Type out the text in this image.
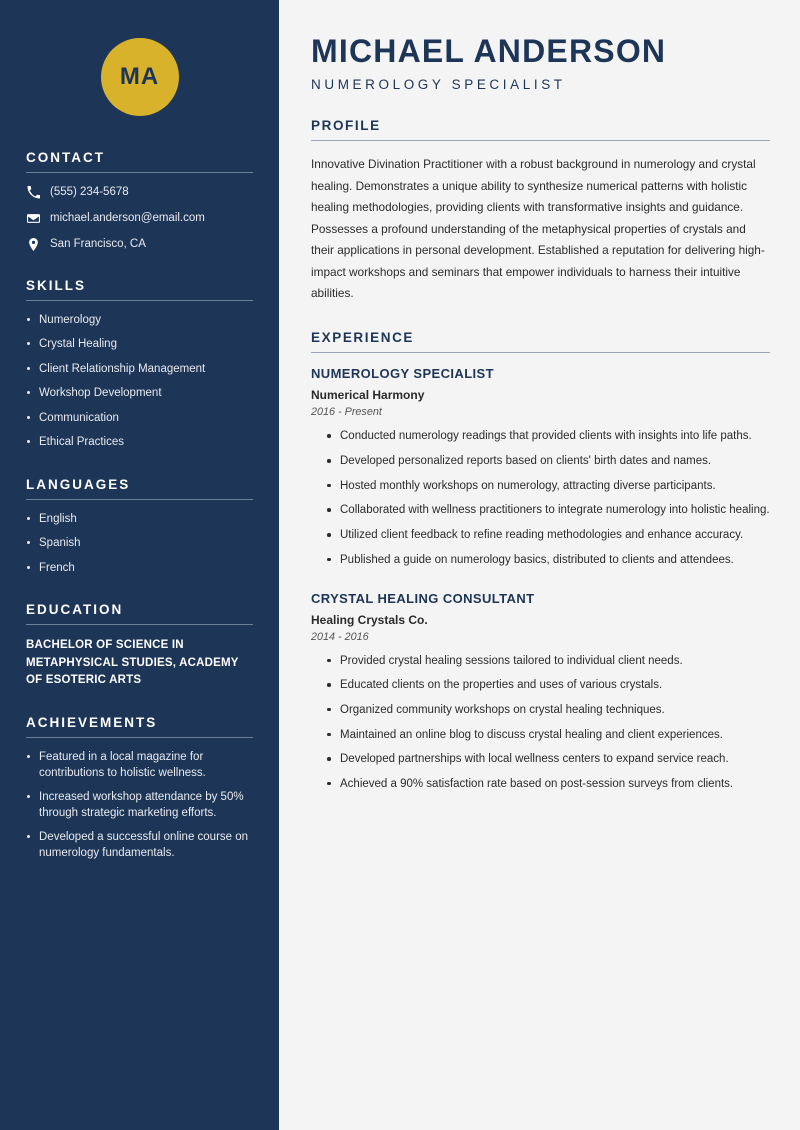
MA
CONTACT
(555) 234-5678
michael.anderson@email.com
San Francisco, CA
SKILLS
Numerology
Crystal Healing
Client Relationship Management
Workshop Development
Communication
Ethical Practices
LANGUAGES
English
Spanish
French
EDUCATION
BACHELOR OF SCIENCE IN METAPHYSICAL STUDIES, ACADEMY OF ESOTERIC ARTS
ACHIEVEMENTS
Featured in a local magazine for contributions to holistic wellness.
Increased workshop attendance by 50% through strategic marketing efforts.
Developed a successful online course on numerology fundamentals.
MICHAEL ANDERSON
NUMEROLOGY SPECIALIST
PROFILE

Innovative Divination Practitioner with a robust background in numerology and crystal healing. Demonstrates a unique ability to synthesize numerical patterns with holistic healing methodologies, providing clients with transformative insights and guidance. Possesses a profound understanding of the metaphysical properties of crystals and their applications in personal development. Established a reputation for delivering high-impact workshops and seminars that empower individuals to harness their intuitive abilities.

EXPERIENCE
NUMEROLOGY SPECIALIST
Numerical Harmony
2016 - Present
Conducted numerology readings that provided clients with insights into life paths.
Developed personalized reports based on clients' birth dates and names.
Hosted monthly workshops on numerology, attracting diverse participants.
Collaborated with wellness practitioners to integrate numerology into holistic healing.
Utilized client feedback to refine reading methodologies and enhance accuracy.
Published a guide on numerology basics, distributed to clients and attendees.
CRYSTAL HEALING CONSULTANT
Healing Crystals Co.
2014 - 2016
Provided crystal healing sessions tailored to individual client needs.
Educated clients on the properties and uses of various crystals.
Organized community workshops on crystal healing techniques.
Maintained an online blog to discuss crystal healing and client experiences.
Developed partnerships with local wellness centers to expand service reach.
Achieved a 90% satisfaction rate based on post-session surveys from clients.
